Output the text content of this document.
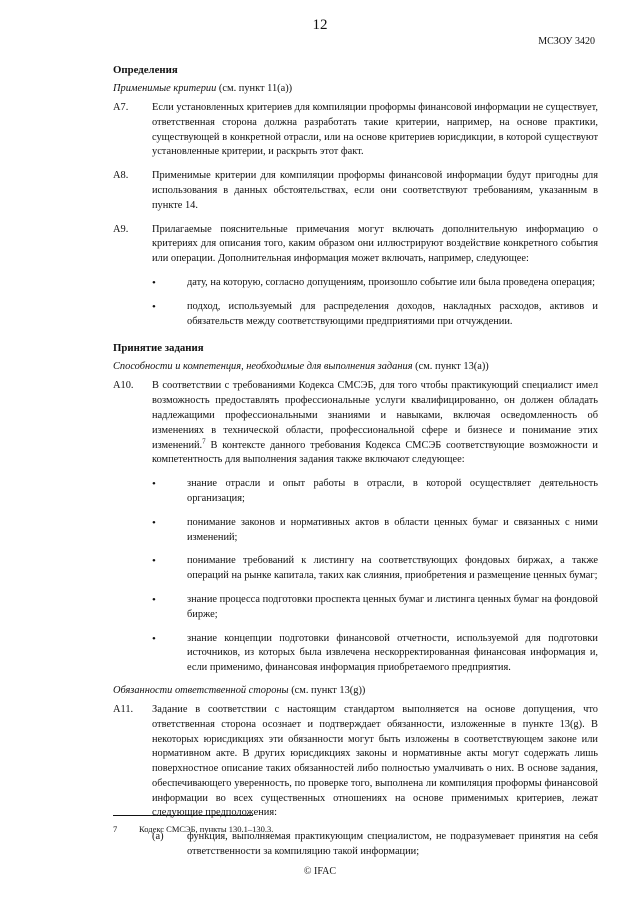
12
МСЗОУ 3420
Определения
Применимые критерии (см. пункт 11(а))
A7. Если установленных критериев для компиляции проформы финансовой информации не существует, ответственная сторона должна разработать такие критерии, например, на основе практики, существующей в конкретной отрасли, или на основе критериев юрисдикции, в которой существуют установленные критерии, и раскрыть этот факт.
A8. Применимые критерии для компиляции проформы финансовой информации будут пригодны для использования в данных обстоятельствах, если они соответствуют требованиям, указанным в пункте 14.
A9. Прилагаемые пояснительные примечания могут включать дополнительную информацию о критериях для описания того, каким образом они иллюстрируют воздействие конкретного события или операции. Дополнительная информация может включать, например, следующее:
•	дату, на которую, согласно допущениям, произошло событие или была проведена операция;
•	подход, используемый для распределения доходов, накладных расходов, активов и обязательств между соответствующими предприятиями при отчуждении.
Принятие задания
Способности и компетенция, необходимые для выполнения задания (см. пункт 13(а))
A10. В соответствии с требованиями Кодекса СМСЭБ, для того чтобы практикующий специалист имел возможность предоставлять профессиональные услуги квалифицированно, он должен обладать надлежащими профессиональными знаниями и навыками, включая осведомленность об изменениях в технической области, профессиональной сфере и бизнесе и понимание этих изменений.$^7$ В контексте данного требования Кодекса СМСЭБ соответствующие возможности и компетентность для выполнения задания также включают следующее:
•	знание отрасли и опыт работы в отрасли, в которой осуществляет деятельность организация;
•	понимание законов и нормативных актов в области ценных бумаг и связанных с ними изменений;
•	понимание требований к листингу на соответствующих фондовых биржах, а также операций на рынке капитала, таких как слияния, приобретения и размещение ценных бумаг;
•	знание процесса подготовки проспекта ценных бумаг и листинга ценных бумаг на фондовой бирже;
•	знание концепции подготовки финансовой отчетности, используемой для подготовки источников, из которых была извлечена нескорректированная финансовая информация и, если применимо, финансовая информация приобретаемого предприятия.
Обязанности ответственной стороны (см. пункт 13(g))
A11. Задание в соответствии с настоящим стандартом выполняется на основе допущения, что ответственная сторона осознает и подтверждает обязанности, изложенные в пункте 13(g). В некоторых юрисдикциях эти обязанности могут быть изложены в соответствующем законе или нормативном акте. В других юрисдикциях законы и нормативные акты могут содержать лишь поверхностное описание таких обязанностей либо полностью умалчивать о них. В основе задания, обеспечивающего уверенность, по проверке того, выполнена ли компиляция проформы финансовой информации во всех существенных отношениях на основе применимых критериев, лежат следующие предположения:
(a) функция, выполняемая практикующим специалистом, не подразумевает принятия на себя ответственности за компиляцию такой информации;
7	Кодекс СМСЭБ, пункты 130.1–130.3.
© IFAC
